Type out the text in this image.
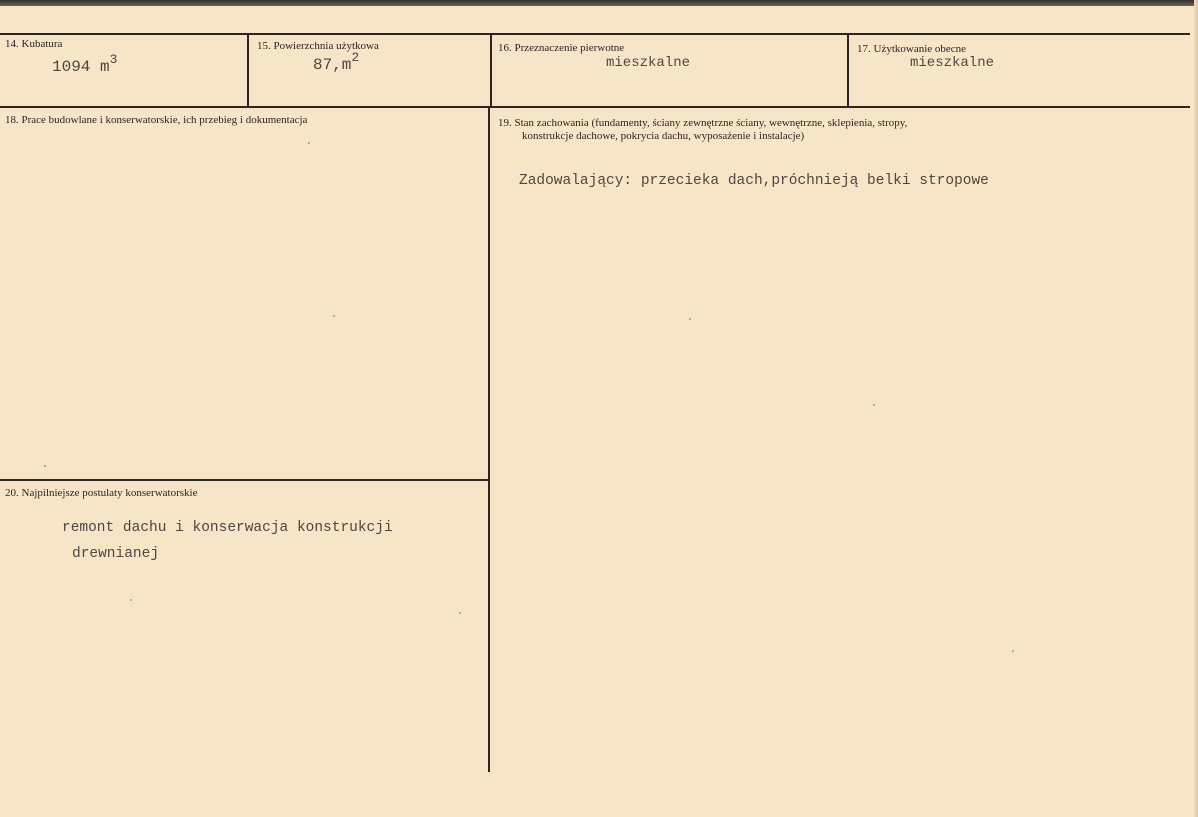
14. Kubatura
1094 $m^3$
15. Powierzchnia użytkowa
$87,m^2$
16. Przeznaczenie pierwotne
mieszkalne
17. Użytkowanie obecne
mieszkalne
18. Prace budowlane i konserwatorskie, ich przebieg i dokumentacja	19. Stan zachowania (fundamenty, ściany zewnętrzne ściany, wewnętrzne, sklepienia, stropy,
konstrukcje dachowe, pokrycia dachu, wyposażenie i instalacje)
Zadowalający: przecieka dach,próchnieją belki stropowe
20. Najpilniejsze postulaty konserwatorskie
remont dachu i konserwacja konstrukcji
drewnianej
